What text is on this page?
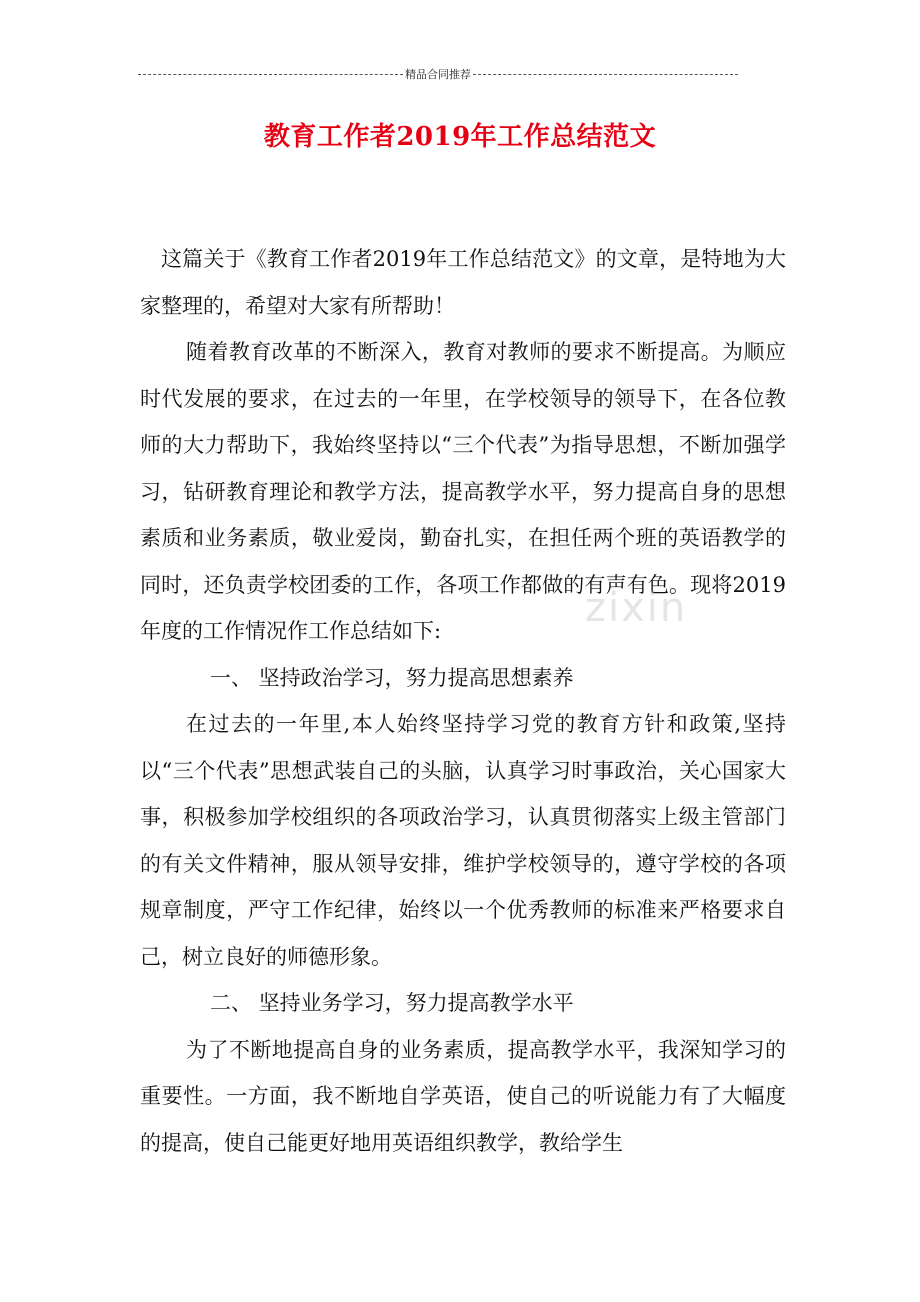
精品合同推荐
教育工作者2019年工作总结范文

这篇关于《教育工作者2019年工作总结范文》的文章，是特地为大家整理的，希望对大家有所帮助！

随着教育改革的不断深入，教育对教师的要求不断提高。为顺应时代发展的要求，在过去的一年里，在学校领导的领导下，在各位教师的大力帮助下，我始终坚持以“三个代表”为指导思想，不断加强学习，钻研教育理论和教学方法，提高教学水平，努力提高自身的思想素质和业务素质，敬业爱岗，勤奋扎实，在担任两个班的英语教学的同时，还负责学校团委的工作，各项工作都做的有声有色。现将2019年度的工作情况作工作总结如下:

一、 坚持政治学习，努力提高思想素养

在过去的一年里,本人始终坚持学习党的教育方针和政策,坚持以“三个代表”思想武装自己的头脑，认真学习时事政治，关心国家大事，积极参加学校组织的各项政治学习，认真贯彻落实上级主管部门的有关文件精神，服从领导安排，维护学校领导的，遵守学校的各项规章制度，严守工作纪律，始终以一个优秀教师的标准来严格要求自己，树立良好的师德形象。

二、 坚持业务学习，努力提高教学水平

为了不断地提高自身的业务素质，提高教学水平，我深知学习的重要性。一方面，我不断地自学英语，使自己的听说能力有了大幅度的提高，使自己能更好地用英语组织教学，教给学生

zixin
